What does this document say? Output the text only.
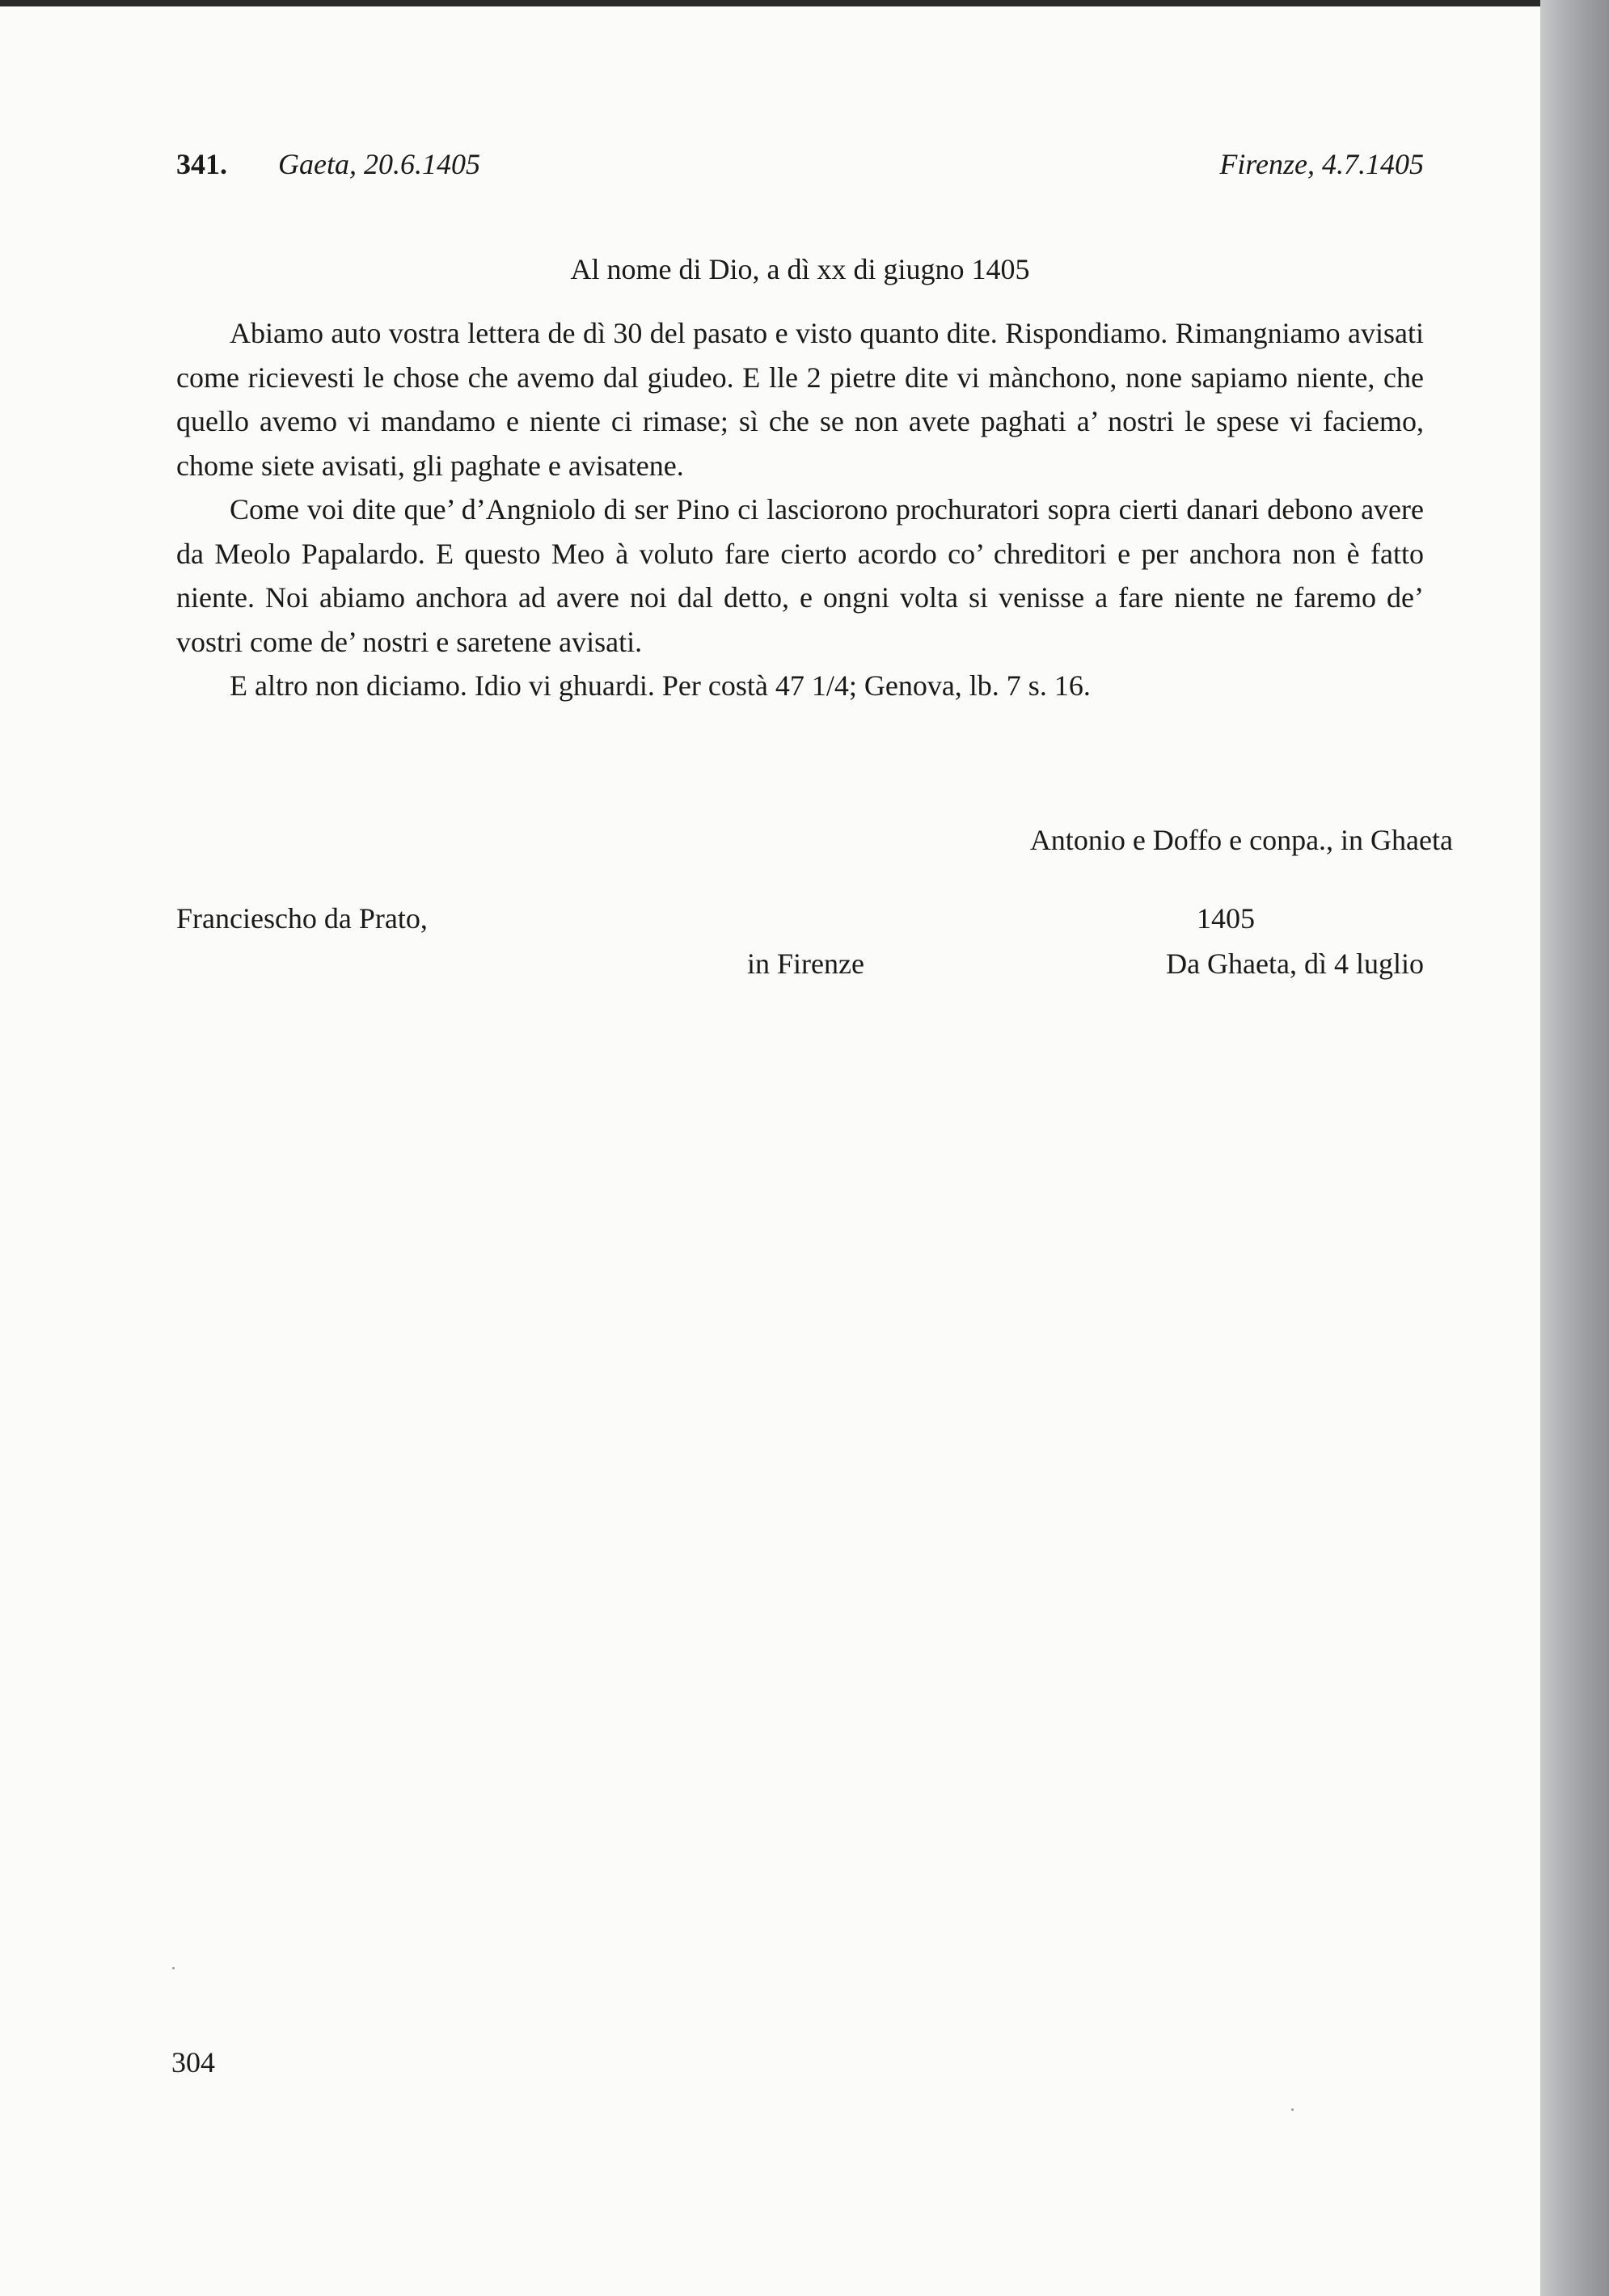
341. Gaeta, 20.6.1405	Firenze, 4.7.1405
Al nome di Dio, a dì xx di giugno 1405

Abiamo auto vostra lettera de dì 30 del pasato e visto quanto dite. Rispondiamo. Rimangniamo avisati come ricievesti le chose che avemo dal giudeo. E lle 2 pietre dite vi mànchono, none sapiamo niente, che quello avemo vi mandamo e niente ci rimase; sì che se non avete paghati a’ nostri le spese vi faciemo, chome siete avisati, gli paghate e avisatene.

Come voi dite que’ d’Angniolo di ser Pino ci lasciorono prochuratori sopra cierti danari debono avere da Meolo Papalardo. E questo Meo à voluto fare cierto acordo co’ chreditori e per anchora non è fatto niente. Noi abiamo anchora ad avere noi dal detto, e ongni volta si venisse a fare niente ne faremo de’ vostri come de’ nostri e saretene avisati.

E altro non diciamo. Idio vi ghuardi. Per costà 47 1/4; Genova, lb. 7 s. 16.

Antonio e Doffo e conpa., in Ghaeta
Franciescho da Prato,	1405
in Firenze	Da Ghaeta, dì 4 luglio
304
